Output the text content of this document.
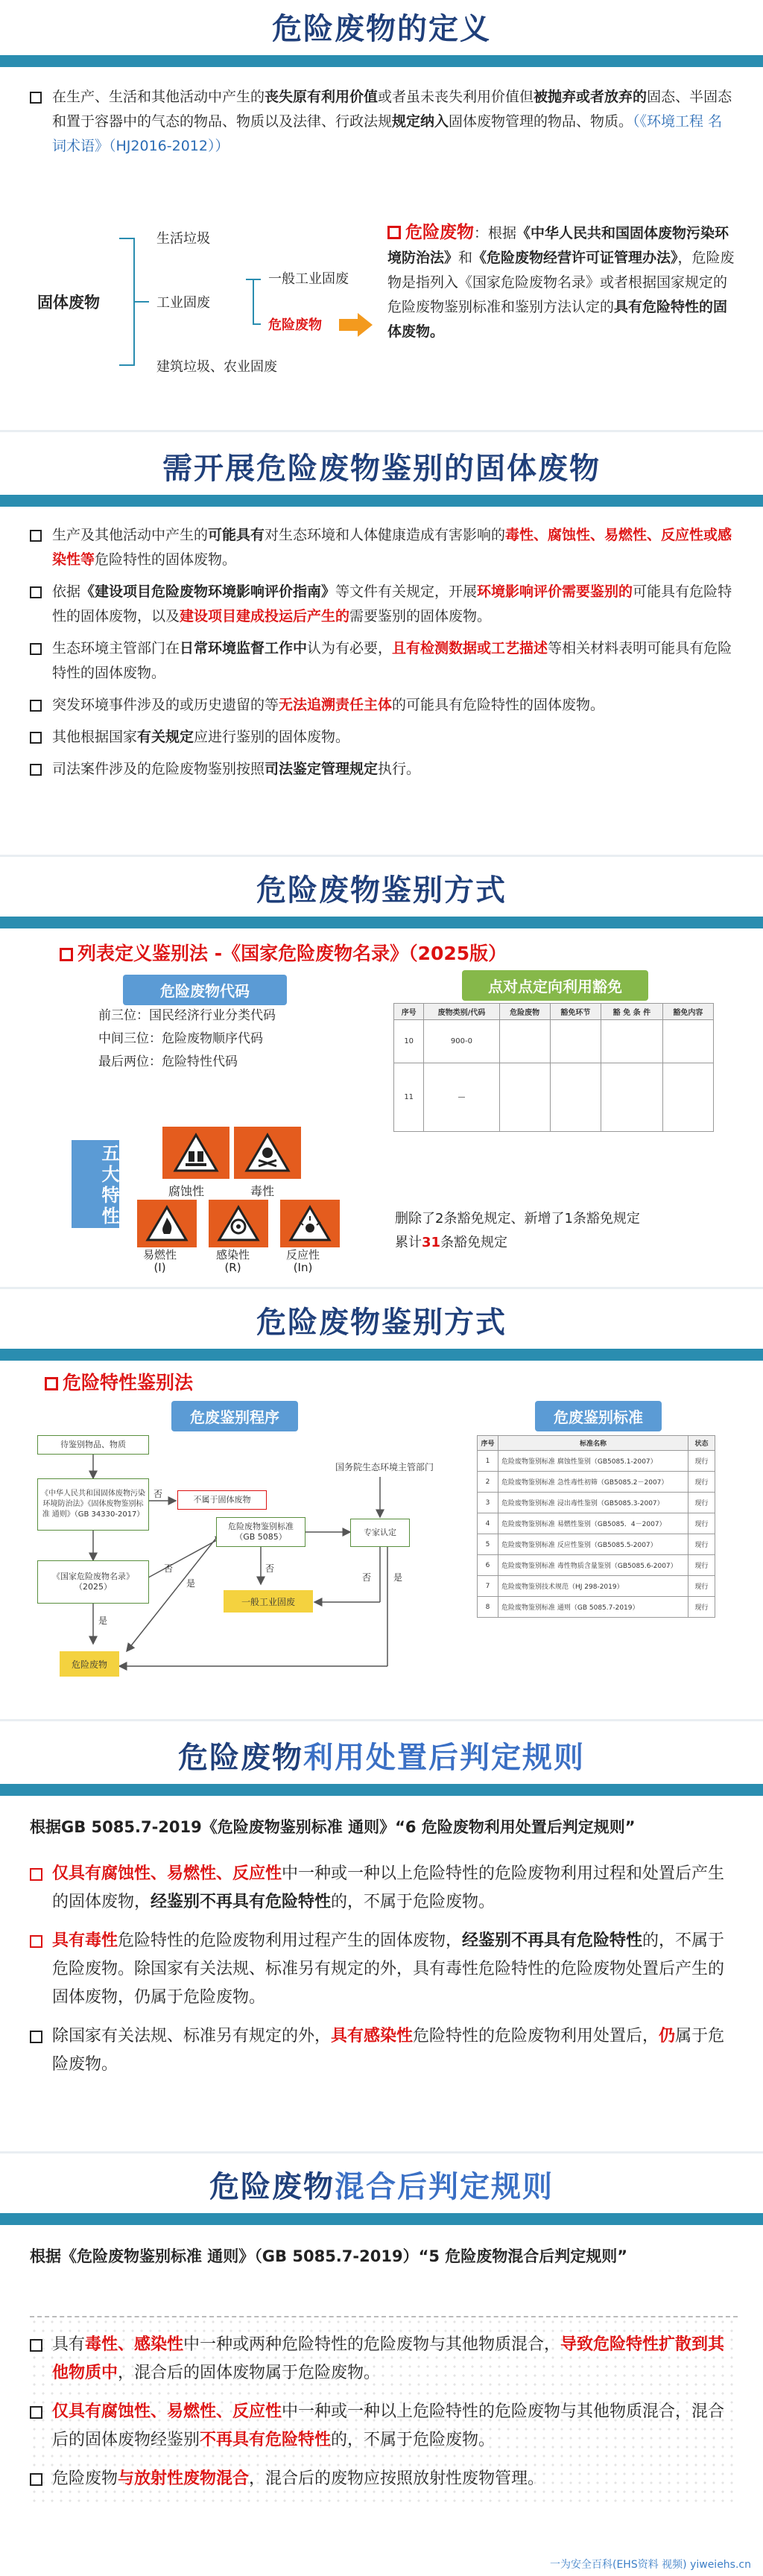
危险废物的定义
在生产、生活和其他活动中产生的丧失原有利用价值或者虽未丧失利用价值但被抛弃或者放弃的固态、半固态和置于容器中的气态的物品、物质以及法律、行政法规规定纳入固体废物管理的物品、物质。（《环境工程 名词术语》（HJ2016-2012））
固体废物
生活垃圾
工业固废
一般工业固废
危险废物
建筑垃圾、农业固废
危险废物：根据《中华人民共和国固体废物污染环境防治法》和《危险废物经营许可证管理办法》，危险废物是指列入《国家危险废物名录》或者根据国家规定的危险废物鉴别标准和鉴别方法认定的具有危险特性的固体废物。
需开展危险废物鉴别的固体废物
生产及其他活动中产生的可能具有对生态环境和人体健康造成有害影响的毒性、腐蚀性、易燃性、反应性或感染性等危险特性的固体废物。
依据《建设项目危险废物环境影响评价指南》等文件有关规定，开展环境影响评价需要鉴别的可能具有危险特性的固体废物，以及建设项目建成投运后产生的需要鉴别的固体废物。
生态环境主管部门在日常环境监督工作中认为有必要，且有检测数据或工艺描述等相关材料表明可能具有危险特性的固体废物。
突发环境事件涉及的或历史遗留的等无法追溯责任主体的可能具有危险特性的固体废物。
其他根据国家有关规定应进行鉴别的固体废物。
司法案件涉及的危险废物鉴别按照司法鉴定管理规定执行。
危险废物鉴别方式
列表定义鉴别法 -《国家危险废物名录》（2025版）
危险废物代码
前三位：国民经济行业分类代码
中间三位：危险废物顺序代码
最后两位：危险特性代码
五大特性	腐蚀性	毒性
易燃性
(I)
感染性
(R)
反应性
(In)
点对点定向利用豁免
序号	废物类别/代码	危险废物	豁免环节	豁 免 条 件	豁免内容
10	900-0				
11	—				
删除了2条豁免规定、新增了1条豁免规定
累计31条豁免规定
危险废物鉴别方式
危险特性鉴别法
危废鉴别程序	危废鉴别标准
待鉴别物品、物质
《中华人民共和国固体废物污染环境防治法》《固体废物鉴别标准 通则》（GB 34330-2017）
不属于固体废物
《国家危险废物名录》（2025）
危险废物鉴别标准（GB 5085）
一般工业固废
危险废物
国务院生态环境主管部门
专家认定
否
否
是
否
是
否 是
序号	标准名称	状态
1	危险废物鉴别标准 腐蚀性鉴别（GB5085.1-2007）	现行
2	危险废物鉴别标准 急性毒性初筛（GB5085.2－2007）	现行
3	危险废物鉴别标准 浸出毒性鉴别（GB5085.3-2007）	现行
4	危险废物鉴别标准 易燃性鉴别（GB5085．4－2007）	现行
5	危险废物鉴别标准 反应性鉴别（GB5085.5-2007）	现行
6	危险废物鉴别标准 毒性物质含量鉴别（GB5085.6-2007）	现行
7	危险废物鉴别技术规范（HJ 298-2019）	现行
8	危险废物鉴别标准 通则（GB 5085.7-2019）	现行
危险废物利用处置后判定规则
根据GB 5085.7-2019《危险废物鉴别标准 通则》“6 危险废物利用处置后判定规则”
仅具有腐蚀性、易燃性、反应性中一种或一种以上危险特性的危险废物利用过程和处置后产生的固体废物，经鉴别不再具有危险特性的，不属于危险废物。
具有毒性危险特性的危险废物利用过程产生的固体废物，经鉴别不再具有危险特性的，不属于危险废物。除国家有关法规、标准另有规定的外，具有毒性危险特性的危险废物处置后产生的固体废物，仍属于危险废物。
除国家有关法规、标准另有规定的外，具有感染性危险特性的危险废物利用处置后，仍属于危险废物。
危险废物混合后判定规则
根据《危险废物鉴别标准 通则》（GB 5085.7-2019）“5 危险废物混合后判定规则”
具有毒性、感染性中一种或两种危险特性的危险废物与其他物质混合，导致危险特性扩散到其他物质中，混合后的固体废物属于危险废物。
仅具有腐蚀性、易燃性、反应性中一种或一种以上危险特性的危险废物与其他物质混合，混合后的固体废物经鉴别不再具有危险特性的，不属于危险废物。
危险废物与放射性废物混合，混合后的废物应按照放射性废物管理。
一为安全百科(EHS资料 视频) yiweiehs.cn
